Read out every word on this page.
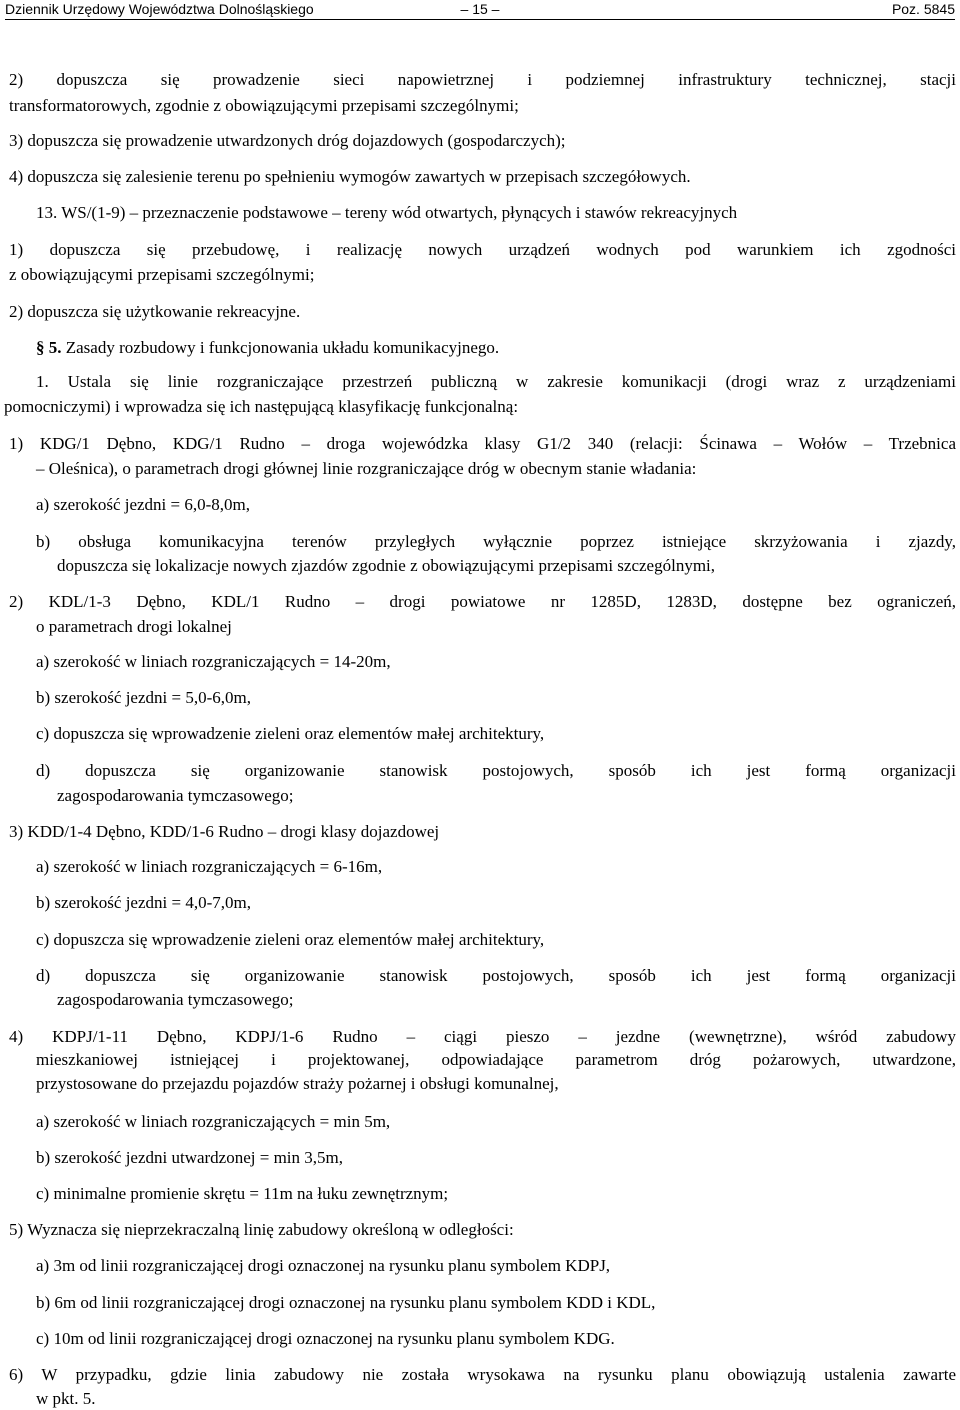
Dziennik Urzędowy Województwa Dolnośląskiego	– 15 –	Poz. 5845
2) dopuszcza się prowadzenie sieci napowietrznej i podziemnej infrastruktury technicznej, stacji
transformatorowych, zgodnie z obowiązującymi przepisami szczególnymi;
3) dopuszcza się prowadzenie utwardzonych dróg dojazdowych (gospodarczych);
4) dopuszcza się zalesienie terenu po spełnieniu wymogów zawartych w przepisach szczegółowych.
13. WS/(1-9) – przeznaczenie podstawowe – tereny wód otwartych, płynących i stawów rekreacyjnych
1) dopuszcza się przebudowę, i realizację nowych urządzeń wodnych pod warunkiem ich zgodności
z obowiązującymi przepisami szczególnymi;
2) dopuszcza się użytkowanie rekreacyjne.
§ 5. Zasady rozbudowy i funkcjonowania układu komunikacyjnego.
1. Ustala się linie rozgraniczające przestrzeń publiczną w zakresie komunikacji (drogi wraz z urządzeniami
pomocniczymi) i wprowadza się ich następującą klasyfikację funkcjonalną:
1) KDG/1 Dębno, KDG/1 Rudno – droga wojewódzka klasy G1/2 340 (relacji: Ścinawa – Wołów – Trzebnica
– Oleśnica), o parametrach drogi głównej linie rozgraniczające dróg w obecnym stanie władania:
a) szerokość jezdni = 6,0-8,0m,
b) obsługa komunikacyjna terenów przyległych wyłącznie poprzez istniejące skrzyżowania i zjazdy,
dopuszcza się lokalizacje nowych zjazdów zgodnie z obowiązującymi przepisami szczególnymi,
2) KDL/1-3 Dębno, KDL/1 Rudno – drogi powiatowe nr 1285D, 1283D, dostępne bez ograniczeń,
o parametrach drogi lokalnej
a) szerokość w liniach rozgraniczających = 14-20m,
b) szerokość jezdni = 5,0-6,0m,
c) dopuszcza się wprowadzenie zieleni oraz elementów małej architektury,
d) dopuszcza się organizowanie stanowisk postojowych, sposób ich jest formą organizacji
zagospodarowania tymczasowego;
3) KDD/1-4 Dębno, KDD/1-6 Rudno – drogi klasy dojazdowej
a) szerokość w liniach rozgraniczających = 6-16m,
b) szerokość jezdni = 4,0-7,0m,
c) dopuszcza się wprowadzenie zieleni oraz elementów małej architektury,
d) dopuszcza się organizowanie stanowisk postojowych, sposób ich jest formą organizacji
zagospodarowania tymczasowego;
4) KDPJ/1-11 Dębno, KDPJ/1-6 Rudno – ciągi pieszo – jezdne (wewnętrzne), wśród zabudowy
mieszkaniowej istniejącej i projektowanej, odpowiadające parametrom dróg pożarowych, utwardzone,
przystosowane do przejazdu pojazdów straży pożarnej i obsługi komunalnej,
a) szerokość w liniach rozgraniczających = min 5m,
b) szerokość jezdni utwardzonej = min 3,5m,
c) minimalne promienie skrętu = 11m na łuku zewnętrznym;
5) Wyznacza się nieprzekraczalną linię zabudowy określoną w odległości:
a) 3m od linii rozgraniczającej drogi oznaczonej na rysunku planu symbolem KDPJ,
b) 6m od linii rozgraniczającej drogi oznaczonej na rysunku planu symbolem KDD i KDL,
c) 10m od linii rozgraniczającej drogi oznaczonej na rysunku planu symbolem KDG.
6) W przypadku, gdzie linia zabudowy nie została wrysokawa na rysunku planu obowiązują ustalenia zawarte
w pkt. 5.
